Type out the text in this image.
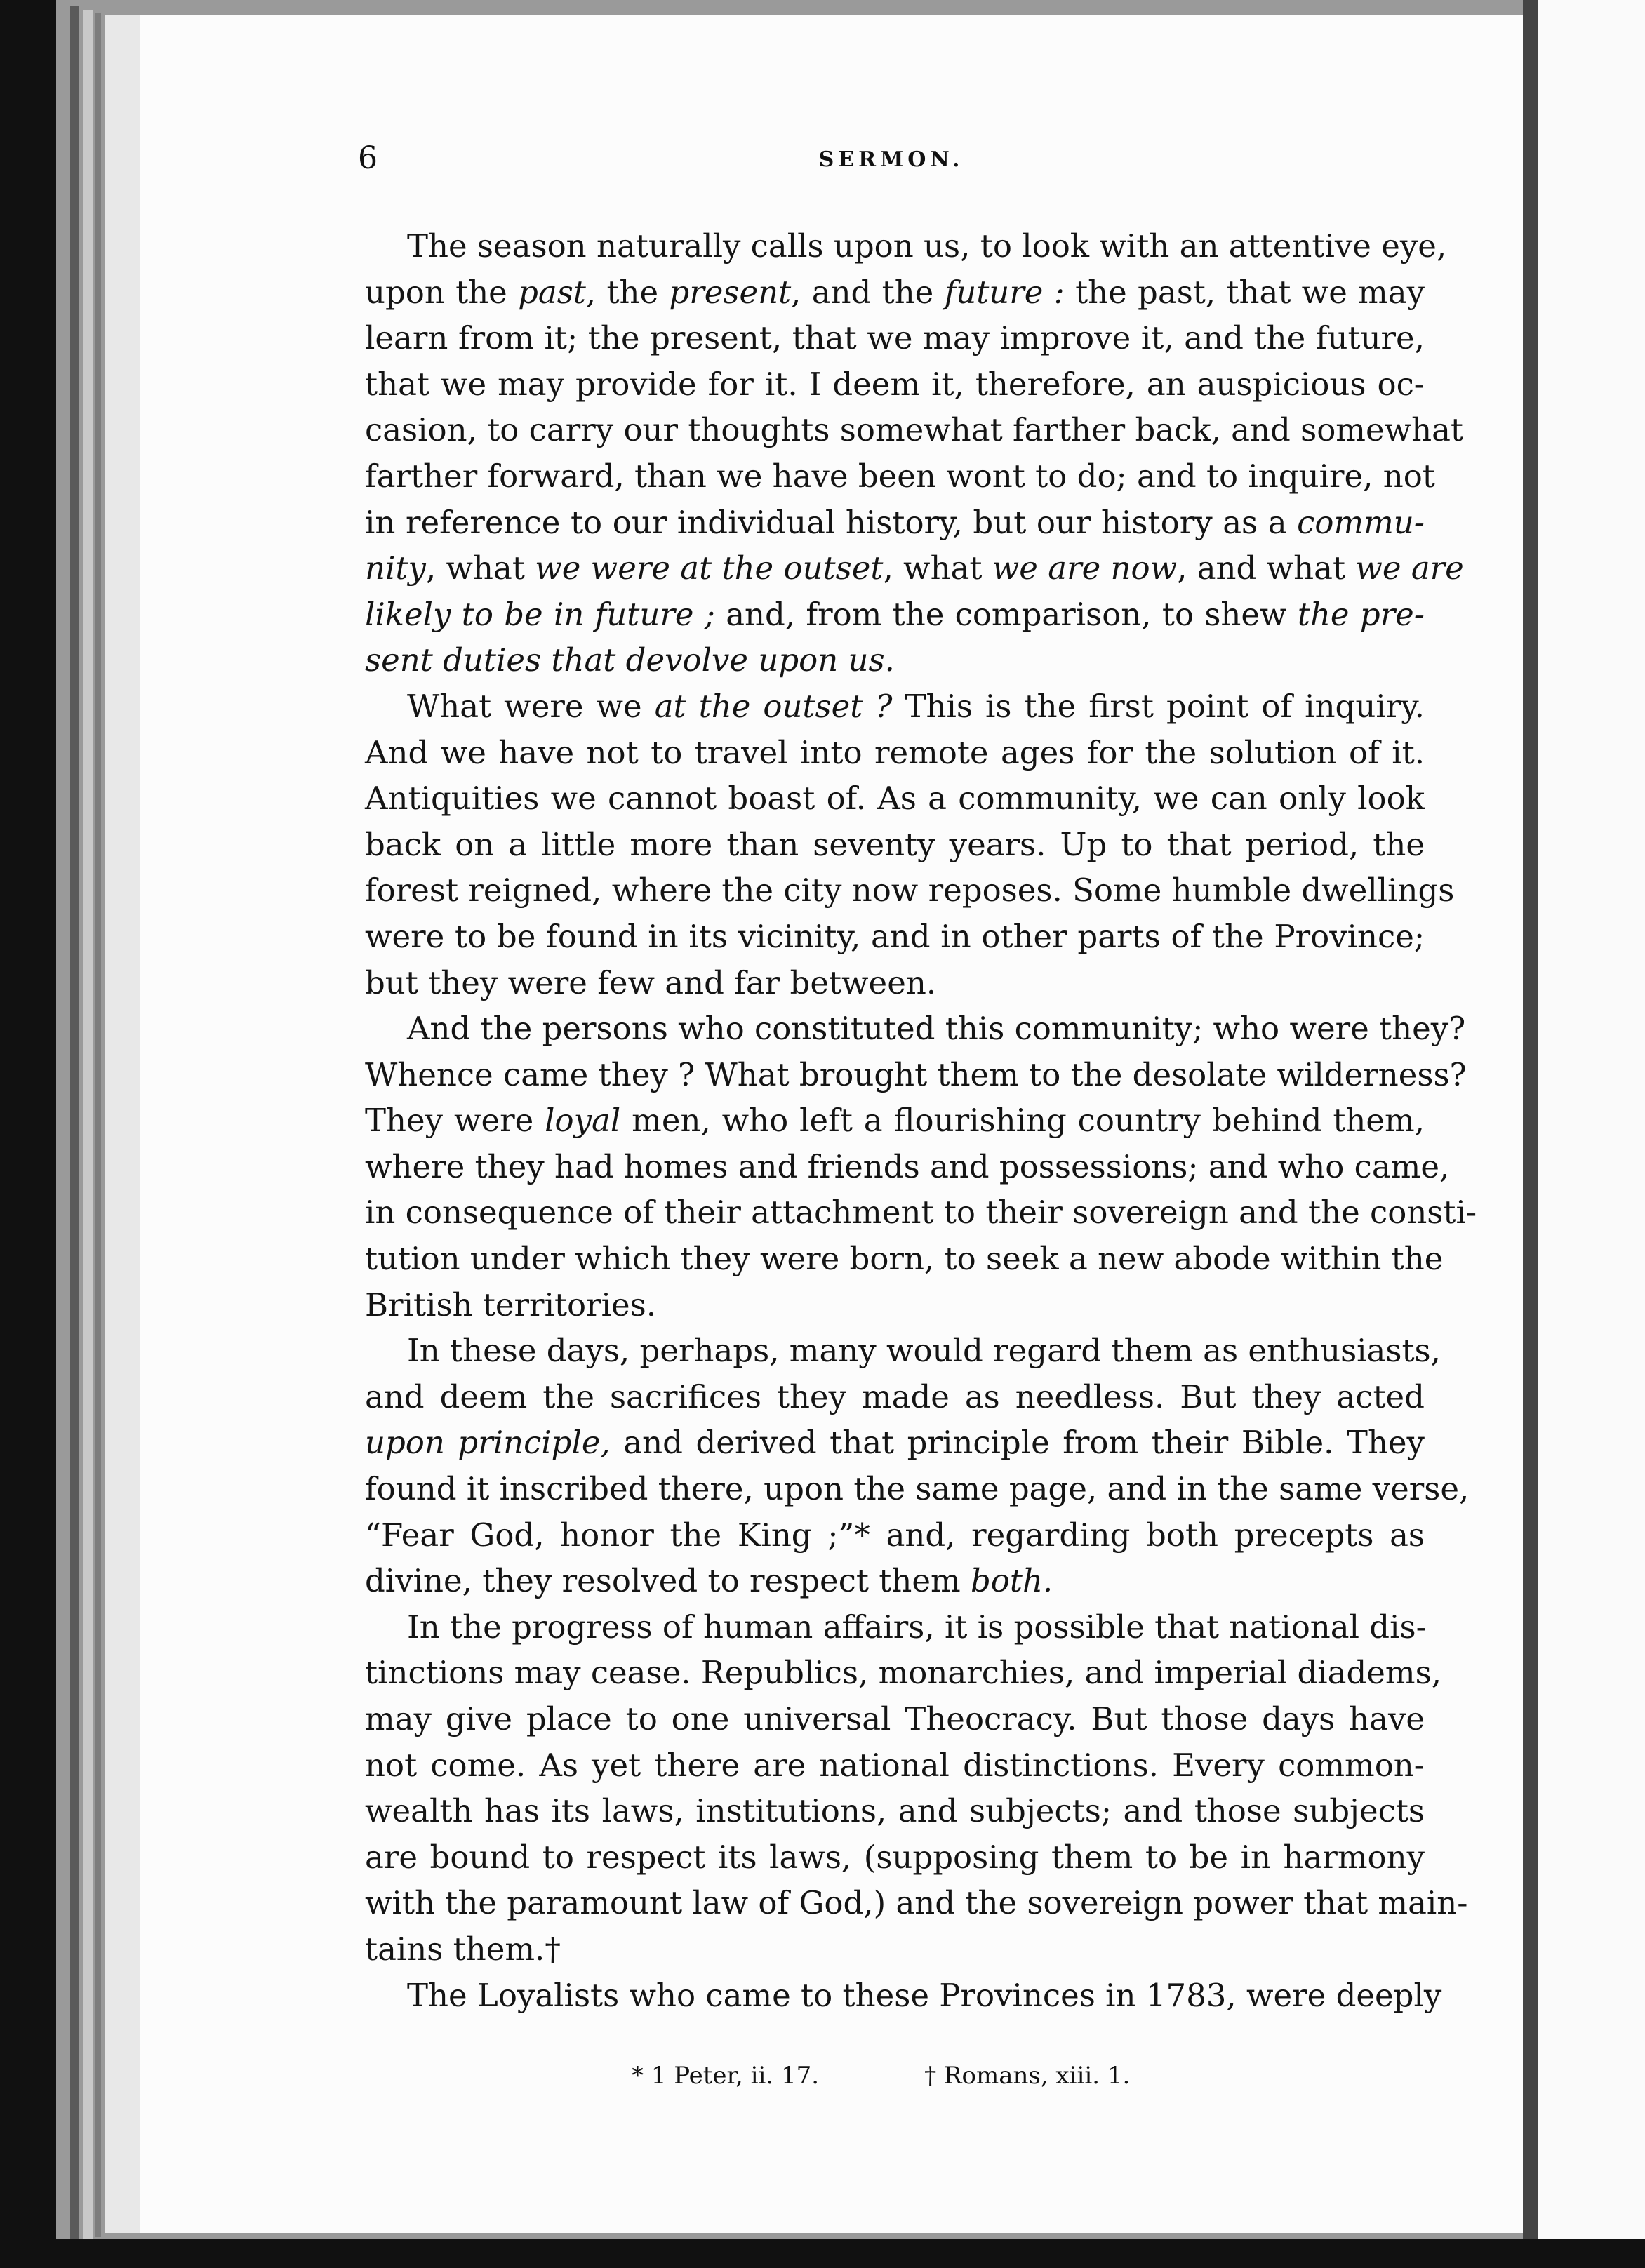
6	SERMON.
The season naturally calls upon us, to look with an attentive eye,
upon the past, the present, and the future : the past, that we may
learn from it; the present, that we may improve it, and the future,
that we may provide for it. I deem it, therefore, an auspicious oc-
casion, to carry our thoughts somewhat farther back, and somewhat
farther forward, than we have been wont to do; and to inquire, not
in reference to our individual history, but our history as a commu-
nity, what we were at the outset, what we are now, and what we are
likely to be in future ; and, from the comparison, to shew the pre-
sent duties that devolve upon us.
What were we at the outset ? This is the first point of inquiry.
And we have not to travel into remote ages for the solution of it.
Antiquities we cannot boast of. As a community, we can only look
back on a little more than seventy years. Up to that period, the
forest reigned, where the city now reposes. Some humble dwellings
were to be found in its vicinity, and in other parts of the Province;
but they were few and far between.
And the persons who constituted this community; who were they?
Whence came they ? What brought them to the desolate wilderness?
They were loyal men, who left a flourishing country behind them,
where they had homes and friends and possessions; and who came,
in consequence of their attachment to their sovereign and the consti-
tution under which they were born, to seek a new abode within the
British territories.
In these days, perhaps, many would regard them as enthusiasts,
and deem the sacrifices they made as needless. But they acted
upon principle, and derived that principle from their Bible. They
found it inscribed there, upon the same page, and in the same verse,
“Fear God, honor the King ;”* and, regarding both precepts as
divine, they resolved to respect them both.
In the progress of human affairs, it is possible that national dis-
tinctions may cease. Republics, monarchies, and imperial diadems,
may give place to one universal Theocracy. But those days have
not come. As yet there are national distinctions. Every common-
wealth has its laws, institutions, and subjects; and those subjects
are bound to respect its laws, (supposing them to be in harmony
with the paramount law of God,) and the sovereign power that main-
tains them.†
The Loyalists who came to these Provinces in 1783, were deeply
* 1 Peter, ii. 17.	† Romans, xiii. 1.
